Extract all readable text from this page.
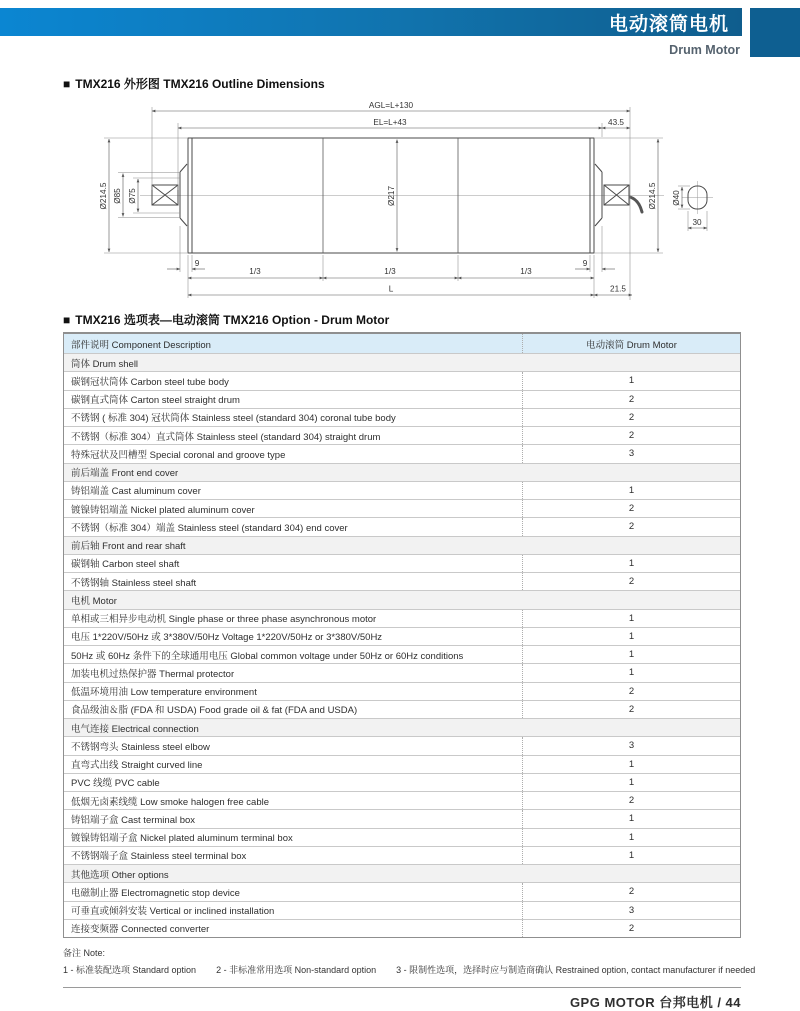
电动滚筒电机
Drum Motor
■ TMX216 外形图 TMX216 Outline Dimensions
AGL=L+130
EL=L+43	43.5
Ø214.5 Ø85 Ø75	Ø217	Ø214.5 Ø40
30
9	9
1/3	1/3	1/3
L	21.5
■ TMX216 选项表—电动滚筒 TMX216 Option - Drum Motor
部件说明 Component Description	电动滚筒 Drum Motor
筒体 Drum shell
碳钢冠状筒体 Carbon steel tube body	1
碳钢直式筒体 Carton steel straight drum	2
不锈钢 ( 标准 304) 冠状筒体 Stainless steel (standard 304) coronal tube body	2
不锈钢（标准 304）直式筒体 Stainless steel (standard 304) straight drum	2
特殊冠状及凹槽型 Special coronal and groove type	3
前后端盖 Front end cover
铸铝端盖 Cast aluminum cover	1
镀镍铸铝端盖 Nickel plated aluminum cover	2
不锈钢（标准 304）端盖 Stainless steel (standard 304) end cover	2
前后轴 Front and rear shaft
碳钢轴 Carbon steel shaft	1
不锈钢轴 Stainless steel shaft	2
电机 Motor
单相或三相异步电动机 Single phase or three phase asynchronous motor	1
电压 1*220V/50Hz 或 3*380V/50Hz Voltage 1*220V/50Hz or 3*380V/50Hz	1
50Hz 或 60Hz 条件下的全球通用电压 Global common voltage under 50Hz or 60Hz conditions	1
加装电机过热保护器 Thermal protector	1
低温环境用油 Low temperature environment	2
食品级油＆脂 (FDA 和 USDA) Food grade oil & fat (FDA and USDA)	2
电气连接 Electrical connection
不锈钢弯头 Stainless steel elbow	3
直弯式出线 Straight curved line	1
PVC 线缆 PVC cable	1
低烟无卤素线缆 Low smoke halogen free cable	2
铸铝端子盒 Cast terminal box	1
镀镍铸铝端子盒 Nickel plated aluminum terminal box	1
不锈钢端子盒 Stainless steel terminal box	1
其他选项 Other options
电磁制止器 Electromagnetic stop device	2
可垂直或倾斜安装 Vertical or inclined installation	3
连接变频器 Connected converter	2
备注 Note:
1 - 标准装配选项 Standard option 2 - 非标准常用选项 Non-standard option 3 - 限制性选项，选择时应与制造商确认 Restrained option, contact manufacturer if needed
GPG MOTOR 台邦电机 / 44
